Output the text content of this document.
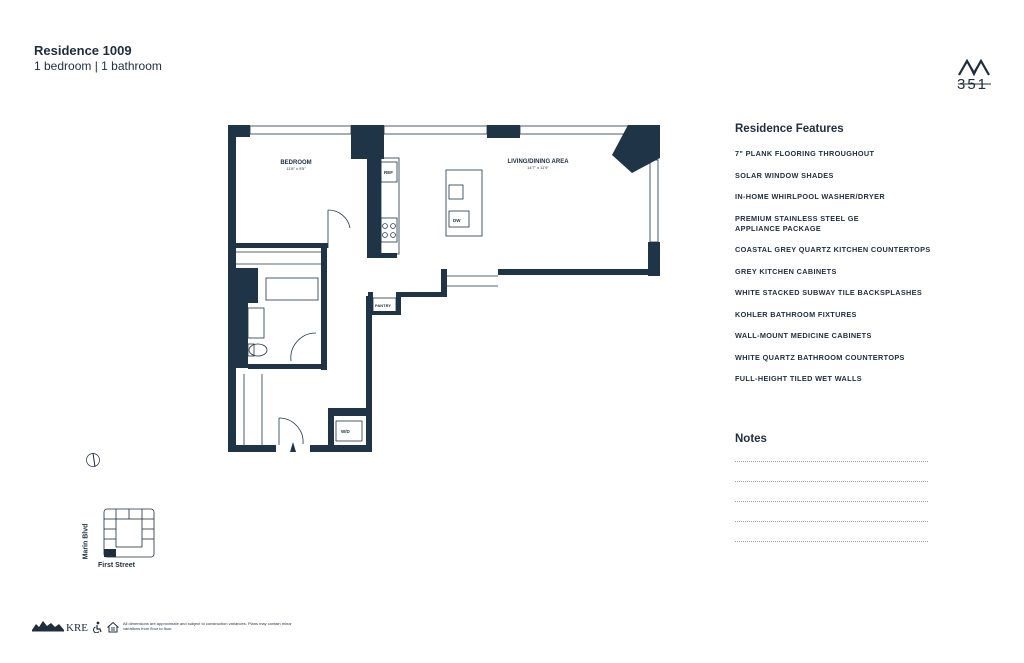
Residence 1009
1 bedroom | 1 bathroom
351
BEDROOM
11'8" x 9'5"
LIVING/DINING AREA
14'7" x 11'9"
REF
DW
PANTRY
W/D
Residence Features
7" PLANK FLOORING THROUGHOUT
SOLAR WINDOW SHADES
IN-HOME WHIRLPOOL WASHER/DRYER
PREMIUM STAINLESS STEEL GE APPLIANCE PACKAGE
COASTAL GREY QUARTZ KITCHEN COUNTERTOPS
GREY KITCHEN CABINETS
WHITE STACKED SUBWAY TILE BACKSPLASHES
KOHLER BATHROOM FIXTURES
WALL-MOUNT MEDICINE CABINETS
WHITE QUARTZ BATHROOM COUNTERTOPS
FULL-HEIGHT TILED WET WALLS
Notes
Marin Blvd
First Street
KRE	All dimensions are approximate and subject to construction variances. Plans may contain minor variations from floor to floor.
